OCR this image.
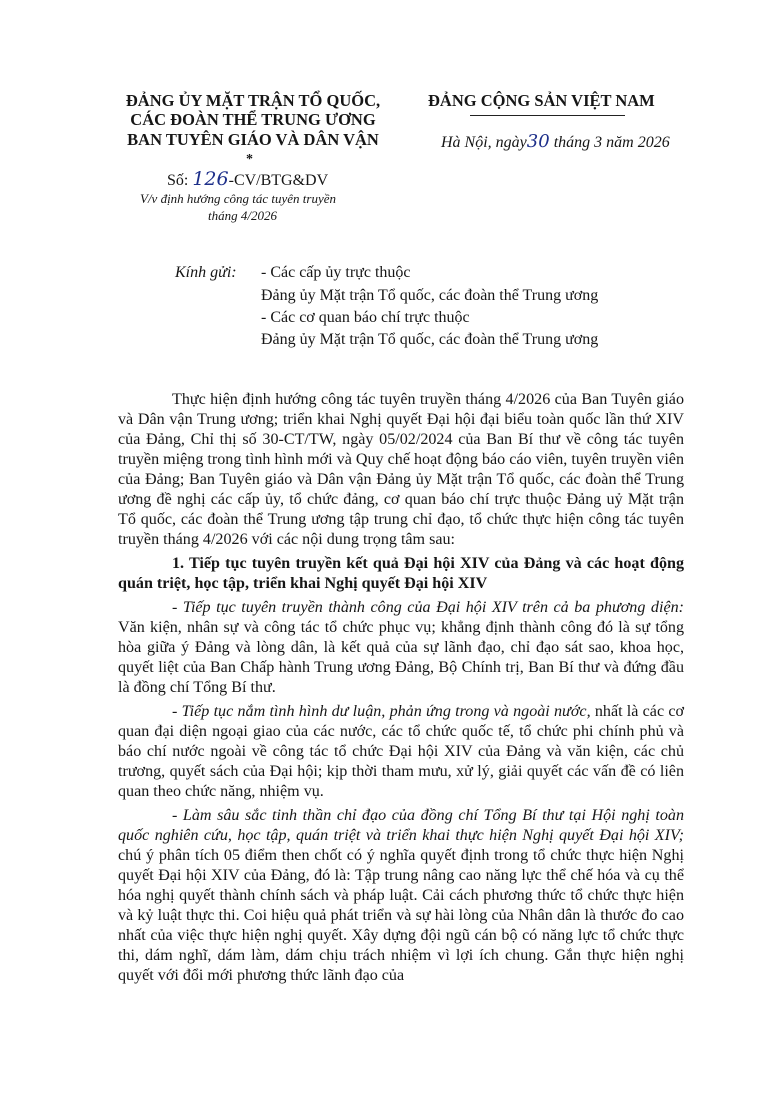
ĐẢNG ỦY MẶT TRẬN TỔ QUỐC,
CÁC ĐOÀN THỂ TRUNG ƯƠNG
BAN TUYÊN GIÁO VÀ DÂN VẬN
*
ĐẢNG CỘNG SẢN VIỆT NAM
Hà Nội, ngày30 tháng 3 năm 2026
Số: 126-CV/BTG&DV
V/v định hướng công tác tuyên truyền
tháng 4/2026
Kính gửi: - Các cấp ủy trực thuộc
Đảng ủy Mặt trận Tổ quốc, các đoàn thể Trung ương
- Các cơ quan báo chí trực thuộc
Đảng ủy Mặt trận Tổ quốc, các đoàn thể Trung ương

Thực hiện định hướng công tác tuyên truyền tháng 4/2026 của Ban Tuyên giáo và Dân vận Trung ương; triển khai Nghị quyết Đại hội đại biểu toàn quốc lần thứ XIV của Đảng, Chỉ thị số 30-CT/TW, ngày 05/02/2024 của Ban Bí thư về công tác tuyên truyền miệng trong tình hình mới và Quy chế hoạt động báo cáo viên, tuyên truyền viên của Đảng; Ban Tuyên giáo và Dân vận Đảng ủy Mặt trận Tổ quốc, các đoàn thể Trung ương đề nghị các cấp ủy, tổ chức đảng, cơ quan báo chí trực thuộc Đảng uỷ Mặt trận Tổ quốc, các đoàn thể Trung ương tập trung chỉ đạo, tổ chức thực hiện công tác tuyên truyền tháng 4/2026 với các nội dung trọng tâm sau:

1. Tiếp tục tuyên truyền kết quả Đại hội XIV của Đảng và các hoạt động quán triệt, học tập, triển khai Nghị quyết Đại hội XIV

- Tiếp tục tuyên truyền thành công của Đại hội XIV trên cả ba phương diện: Văn kiện, nhân sự và công tác tổ chức phục vụ; khẳng định thành công đó là sự tổng hòa giữa ý Đảng và lòng dân, là kết quả của sự lãnh đạo, chỉ đạo sát sao, khoa học, quyết liệt của Ban Chấp hành Trung ương Đảng, Bộ Chính trị, Ban Bí thư và đứng đầu là đồng chí Tổng Bí thư.

- Tiếp tục nắm tình hình dư luận, phản ứng trong và ngoài nước, nhất là các cơ quan đại diện ngoại giao của các nước, các tổ chức quốc tế, tổ chức phi chính phủ và báo chí nước ngoài về công tác tổ chức Đại hội XIV của Đảng và văn kiện, các chủ trương, quyết sách của Đại hội; kịp thời tham mưu, xử lý, giải quyết các vấn đề có liên quan theo chức năng, nhiệm vụ.

- Làm sâu sắc tinh thần chỉ đạo của đồng chí Tổng Bí thư tại Hội nghị toàn quốc nghiên cứu, học tập, quán triệt và triển khai thực hiện Nghị quyết Đại hội XIV; chú ý phân tích 05 điểm then chốt có ý nghĩa quyết định trong tổ chức thực hiện Nghị quyết Đại hội XIV của Đảng, đó là: Tập trung nâng cao năng lực thể chế hóa và cụ thể hóa nghị quyết thành chính sách và pháp luật. Cải cách phương thức tổ chức thực hiện và kỷ luật thực thi. Coi hiệu quả phát triển và sự hài lòng của Nhân dân là thước đo cao nhất của việc thực hiện nghị quyết. Xây dựng đội ngũ cán bộ có năng lực tổ chức thực thi, dám nghĩ, dám làm, dám chịu trách nhiệm vì lợi ích chung. Gắn thực hiện nghị quyết với đổi mới phương thức lãnh đạo của
